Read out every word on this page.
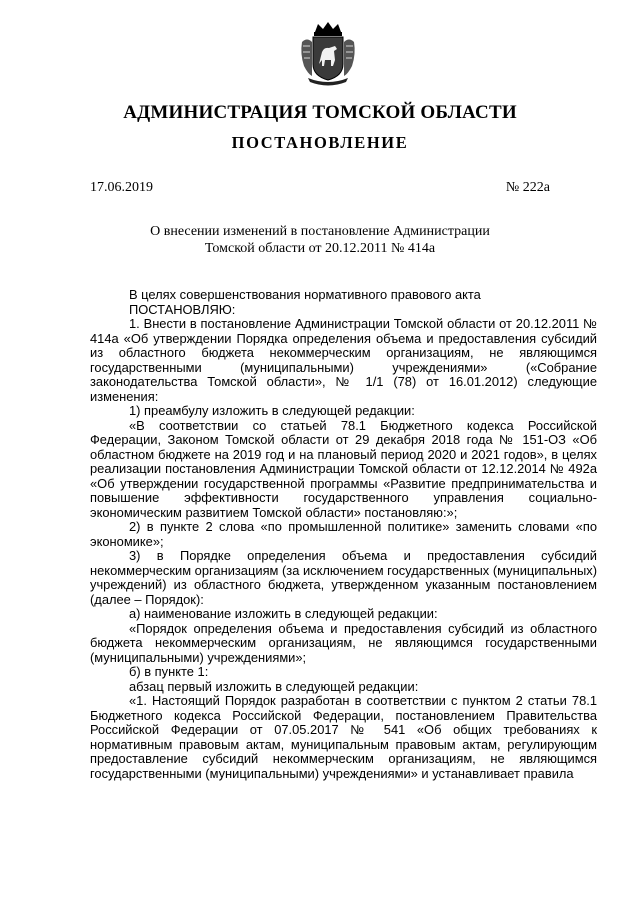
АДМИНИСТРАЦИЯ ТОМСКОЙ ОБЛАСТИ
ПОСТАНОВЛЕНИЕ
17.06.2019	№ 222а
О внесении изменений в постановление Администрации
Томской области от 20.12.2011 № 414а

В целях совершенствования нормативного правового акта

ПОСТАНОВЛЯЮ:

1. Внести в постановление Администрации Томской области от 20.12.2011 № 414а «Об утверждении Порядка определения объема и предоставления субсидий из областного бюджета некоммерческим организациям, не являющимся государственными (муниципальными) учреждениями» («Собрание законодательства Томской области», № 1/1 (78) от 16.01.2012) следующие изменения:

1) преамбулу изложить в следующей редакции:

«В соответствии со статьей 78.1 Бюджетного кодекса Российской Федерации, Законом Томской области от 29 декабря 2018 года № 151-ОЗ «Об областном бюджете на 2019 год и на плановый период 2020 и 2021 годов», в целях реализации постановления Администрации Томской области от 12.12.2014 № 492а «Об утверждении государственной программы «Развитие предпринимательства и повышение эффективности государственного управления социально-экономическим развитием Томской области» постановляю:»;

2) в пункте 2 слова «по промышленной политике» заменить словами «по экономике»;

3) в Порядке определения объема и предоставления субсидий некоммерческим организациям (за исключением государственных (муниципальных) учреждений) из областного бюджета, утвержденном указанным постановлением (далее – Порядок):

а) наименование изложить в следующей редакции:

«Порядок определения объема и предоставления субсидий из областного бюджета некоммерческим организациям, не являющимся государственными (муниципальными) учреждениями»;

б) в пункте 1:

абзац первый изложить в следующей редакции:

«1. Настоящий Порядок разработан в соответствии с пунктом 2 статьи 78.1 Бюджетного кодекса Российской Федерации, постановлением Правительства Российской Федерации от 07.05.2017 № 541 «Об общих требованиях к нормативным правовым актам, муниципальным правовым актам, регулирующим предоставление субсидий некоммерческим организациям, не являющимся государственными (муниципальными) учреждениями» и устанавливает правила
